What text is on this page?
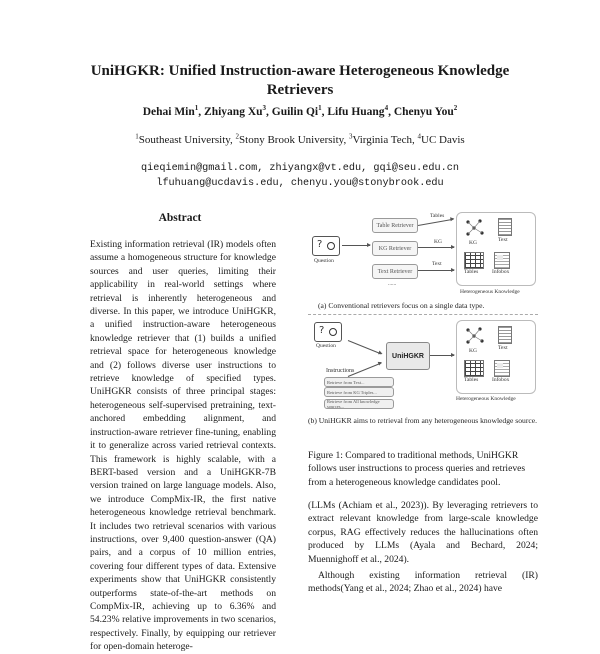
UniHGKR: Unified Instruction-aware Heterogeneous Knowledge Retrievers
Dehai Min$^1$, Zhiyang Xu$^3$, Guilin Qi$^1$, Lifu Huang$^4$, Chenyu You$^2$
$^1$Southeast University, $^2$Stony Brook University, $^3$Virginia Tech, $^4$UC Davis
qieqiemin@gmail.com, zhiyangx@vt.edu, gqi@seu.edu.cn
lfuhuang@ucdavis.edu, chenyu.you@stonybrook.edu
Abstract

Existing information retrieval (IR) models often assume a homogeneous structure for knowledge sources and user queries, limiting their applicability in real-world settings where retrieval is inherently heterogeneous and diverse. In this paper, we introduce UniHGKR, a unified instruction-aware heterogeneous knowledge retriever that (1) builds a unified retrieval space for heterogeneous knowledge and (2) follows diverse user instructions to retrieve knowledge of specified types. UniHGKR consists of three principal stages: heterogeneous self-supervised pretraining, text-anchored embedding alignment, and instruction-aware retriever fine-tuning, enabling it to generalize across varied retrieval contexts. This framework is highly scalable, with a BERT-based version and a UniHGKR-7B version trained on large language models. Also, we introduce CompMix-IR, the first native heterogeneous knowledge retrieval benchmark. It includes two retrieval scenarios with various instructions, over 9,400 question-answer (QA) pairs, and a corpus of 10 million entries, covering four different types of data. Extensive experiments show that UniHGKR consistently outperforms state-of-the-art methods on CompMix-IR, achieving up to 6.36% and 54.23% relative improvements in two scenarios, respectively. Finally, by equipping our retriever for open-domain heteroge-

?
Question
Table Retriever
KG Retriever
Text Retriever
Tables
KG
Text
......
KG	Text
Tables Infobox
Heterogeneous Knowledge
(a) Conventional retrievers focus on a single data type.
?
Question
UniHGKR
Instructions
Retrieve from Text...
Retrieve from KG Triples...
Retrieve from All knowledge sources...
KG	Text
Tables Infobox
Heterogeneous Knowledge
(b) UniHGKR aims to retrieval from any heterogeneous knowledge source.
Figure 1: Compared to traditional methods, UniHGKR follows user instructions to process queries and retrieves from a heterogeneous knowledge candidates pool.

(LLMs (Achiam et al., 2023)). By leveraging retrievers to extract relevant knowledge from large-scale knowledge corpus, RAG effectively reduces the hallucinations often produced by LLMs (Ayala and Bechard, 2024; Muennighoff et al., 2024).

Although existing information retrieval (IR) methods(Yang et al., 2024; Zhao et al., 2024) have
